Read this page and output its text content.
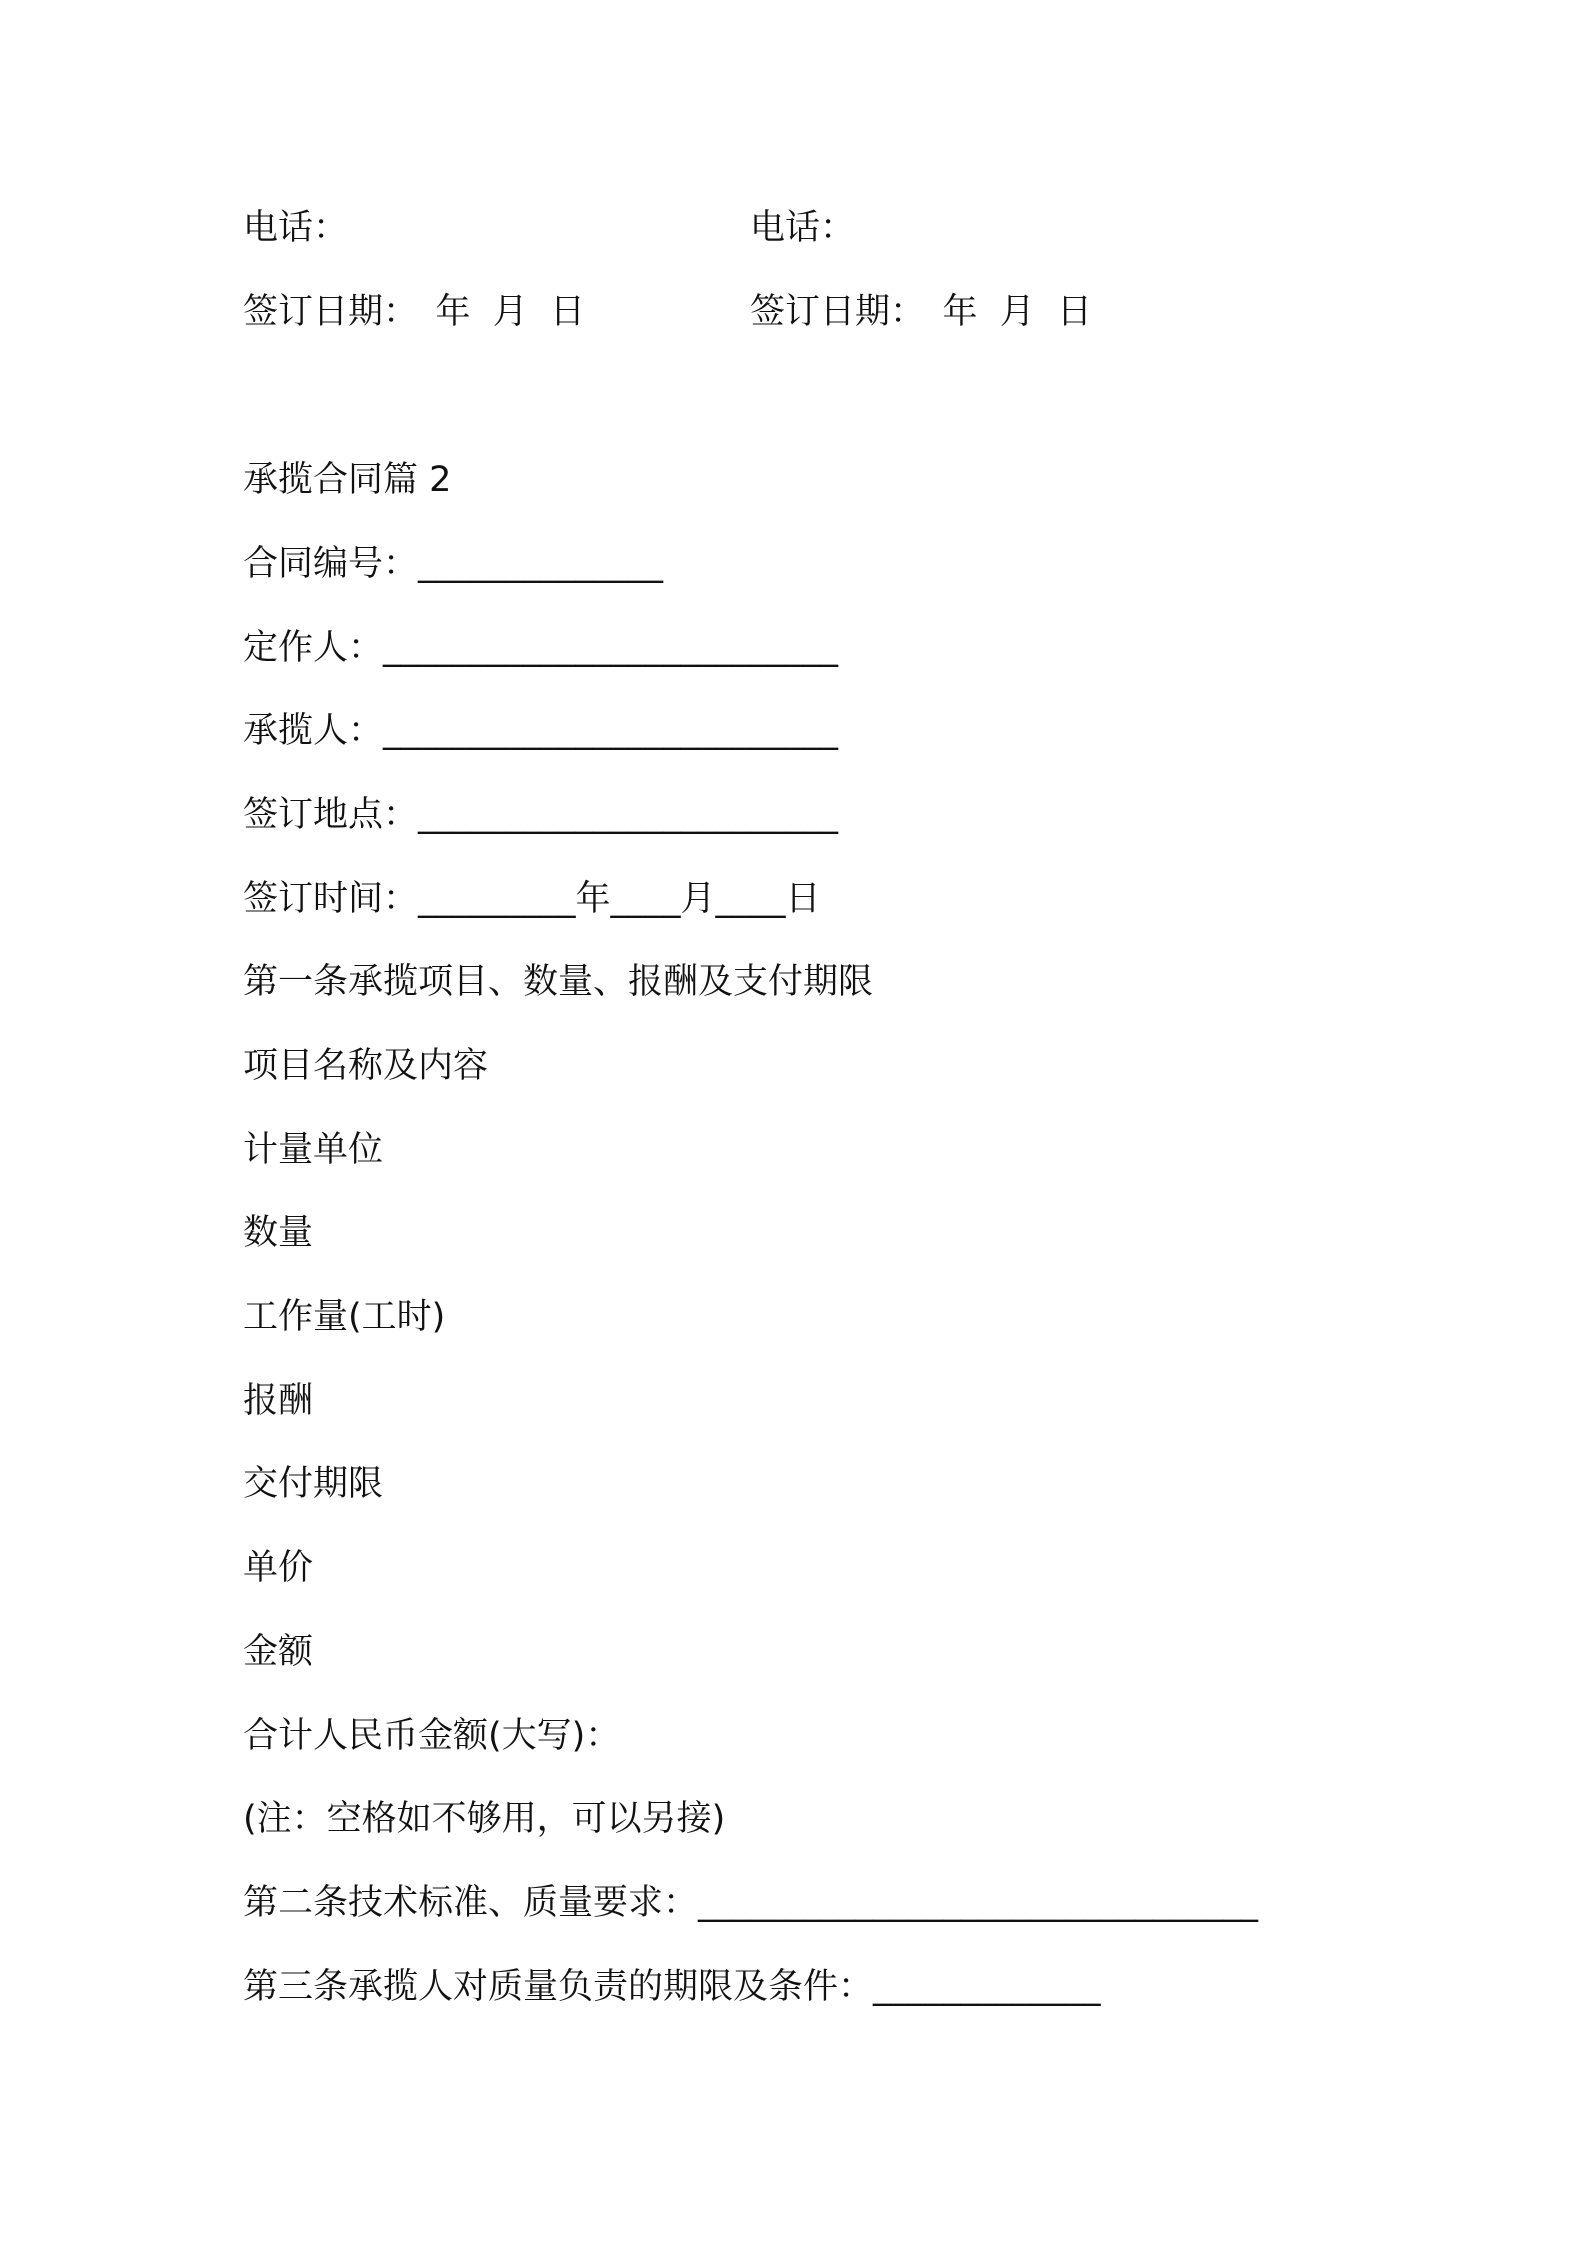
电话：	电话：
签订日期：　年  月  日	签订日期：　年  月  日
承揽合同篇 2
合同编号：______________
定作人：__________________________
承揽人：__________________________
签订地点：________________________
签订时间：_________年____月____日
第一条承揽项目、数量、报酬及支付期限
项目名称及内容
计量单位
数量
工作量(工时)
报酬
交付期限
单价
金额
合计人民币金额(大写)：
(注：空格如不够用，可以另接)
第二条技术标准、质量要求：________________________________
第三条承揽人对质量负责的期限及条件：_____________
